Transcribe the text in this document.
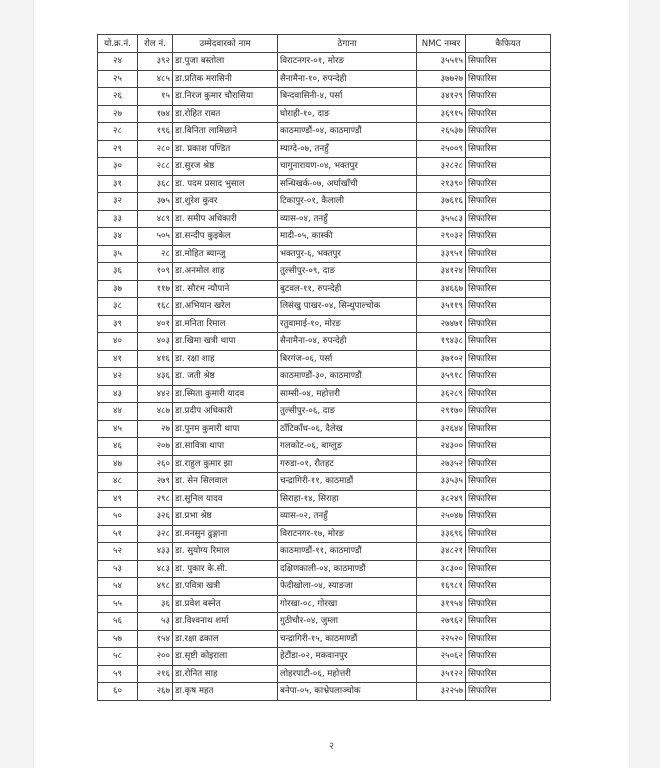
यो.क्र.नं.	रोल नं.	उम्मेदवारको नाम	ठेगाना	NMC नम्बर	कैफियत
२४	३९२	डा.पुजा बस्तोला	विराटनगर-०१, मोरङ	३५५१५	सिफारिस
२५	४८५	डा.प्रतिक मरासिनी	सैनामैना-१०, रुपन्देही	३७७२७	सिफारिस
२६	१५	डा.निरज कुमार चौरासिया	बिन्दवासिनी-४, पर्सा	३४१२९	सिफारिस
२७	१७४	डा.रोहित राबत	घोराही-१०, दाङ	३६९१५	सिफारिस
२८	१९६	डा.बिनिता लामिछाने	काठमाण्डौं-०४, काठमाण्डौं	२६५३७	सिफारिस
२९	२८०	डा. प्रकाश पण्डित	म्याग्दे-०७, तनहुँ	२५००९	सिफारिस
३०	२८८	डा.सुरज श्रेष्ठ	चागुनारायण-०४, भक्तपुर	३२८२८	सिफारिस
३१	३६८	डा. पदम प्रसाद भुसाल	सन्धिखर्क-०७, अर्घाखाँची	२१३९०	सिफारिस
३२	३७५	डा.शुरेश कुवर	टिकापुर-०१, कैलाली	३७६१६	सिफारिस
३३	४८९	डा. समीप अधिकारी	व्यास-०४, तनहुँ	३५५८३	सिफारिस
३४	५०५	डा.सन्दीप कुइकेल	मादी-०५, कास्की	२९०३२	सिफारिस
३५	२८	डा.मोहित ब्यान्जु	भक्तपुर-६, भक्तपुर	३३९५१	सिफारिस
३६	१०९	डा.अनमोल शाह	तुल्सीपुर-०९, दाङ	३४१२४	सिफारिस
३७	११७	डा. सौरभ न्यौपाने	बुटवल-११, रुपन्देही	३४६६७	सिफारिस
३८	१६८	डा.अभियान खरेल	लिसंखु पाखर-०४, सिन्धुपाल्चोक	३५११९	सिफारिस
३९	४०१	डा.मनिता रिमाल	रतुवामाई-१०, मोरङ	२७४७१	सिफारिस
४०	४०३	डा.खिमा खत्री थापा	सैनामैना-०४, रुपन्देही	१९४३८	सिफारिस
४१	४१६	डा. रक्षा शाह	बिरगंज-०६, पर्सा	३७१०२	सिफारिस
४२	४३६	डा. जती श्रेष्ठ	काठमाण्डौं-३०, काठमाण्डौं	३५९१८	सिफारिस
४३	४४२	डा.स्मिता कुमारी यादव	साम्सी-०४, महोत्तरी	३६२८९	सिफारिस
४४	४८७	डा.प्रदीप अधिकारी	तुल्सीपुर-०६, दाङ	२९१७०	सिफारिस
४५	२७	डा.पुनम कुमारी थापा	ठाँटिकाँध-०६, दैलेख	३२६४४	सिफारिस
४६	२०७	डा.सावित्रा थापा	गलकोट-०६, बाग्लुङ	२४३००	सिफारिस
४७	२६०	डा.राहुल कुमार झा	गरुडा-०१, रौतहट	२७३५२	सिफारिस
४८	२७९	डा. सेन सिलवाल	चन्द्रागिरी-११, काठमाडौं	३३५३५	सिफारिस
४९	२९८	डा.सुनिल यादव	सिराहा-१४, सिराहा	३८२४९	सिफारिस
५०	३२६	डा.प्रभा श्रेष्ठ	व्यास-०२, तनहुँ	२५०४७	सिफारिस
५१	३२८	डा.मनसुन ढुङ्गाना	विराटनगर-१७, मोरङ	३३६९६	सिफारिस
५२	४३३	डा. सुयोग्य रिमाल	काठमाण्डौं-११, काठमाण्डौं	३४८२१	सिफारिस
५३	४८३	डा. पुकार के.सी.	दक्षिणकाली-०४, काठमाण्डौं	३८३००	सिफारिस
५४	४९८	डा.पवित्रा खत्री	फेदीखोला-०४, स्याङजा	१६९८१	सिफारिस
५५	३६	डा.प्रवेश बस्नेत	गोरखा-०८, गोरखा	३१९५४	सिफारिस
५६	५३	डा.विश्वनाथ शर्मा	गुठीचौर-०४, जुम्ला	२७९६२	सिफारिस
५७	१५४	डा.रक्षा ढकाल	चन्द्रागिरी-१५, काठमाण्डौं	२२५२०	सिफारिस
५८	२००	डा.सृष्टी कोइराला	हेटौंडा-०२, मकवानपुर	२५०६२	सिफारिस
५९	२१६	डा.रोनित साह	लोहरपाटी-०६, महोत्तरी	३५१२२	सिफारिस
६०	२६७	डा.कृष महत	बनेपा-०५, काभ्रेपलाञ्चोक	३२२५७	सिफारिस
२
